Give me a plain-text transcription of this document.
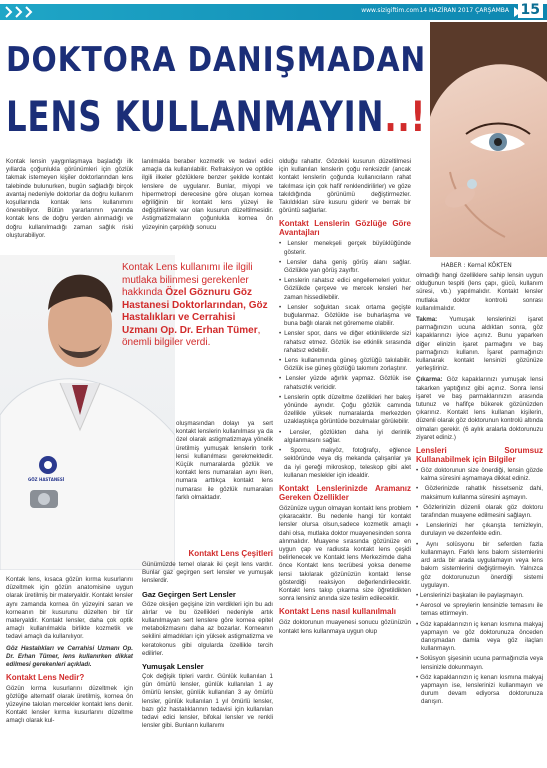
www.sizigiftim.com 14 HAZİRAN 2017 ÇARŞAMBA 15
DOKTORA DANIŞMADAN
LENS KULLANMAYIN..!
HABER : Kemal KÖKTEN

Kontak lensin yaygınlaşmaya başladığı ilk yıllarda çoğunlukla görünümleri için gözlük takmak istemeyen kişiler doktorlarından lens talebinde bulunurken, bugün sağladığı birçok avantaj nedeniyle doktorlar da doğru kullanım koşullarında kontak lens kullanımını önerebiliyor. Bütün yararlarının yanında kontak lens de doğru yerden alınmadığı ve doğru kullanılmadığı zaman sağlık riski oluşturabiliyor.

lanılmakla beraber kozmetik ve tedavi edici amaçla da kullanılabilir. Refraksiyon ve optikle ilgili ilkeler gözlüklere benzer şekilde kontakt lenslere de uygulanır. Bunlar, miyopi ve hipermetropi derecesine göre oluşan kornea eğriliğinin bir kontakt lens yüzeyi ile değiştirilerek var olan kusurun düzeltilmesidir. Astigmatizmaların çoğunlukla kornea ön yüzeyinin çarpıklığı sonucu

olduğu rahattır. Gözdeki kusurun düzeltilmesi için kullanılan lenslerin çoğu renksizdir (ancak kontakt lenslerin çoğunda kullanıcıların rahat takılması için çok hafif renklendirilirler) ve göze takıldığında görünümü değiştirmezler. Takıldıkları süre kusuru giderir ve berrak bir görüntü sağlarlar.

Kontakt Lenslerin Gözlüğe Göre Avantajları
• Lensler menekşeli gerçek büyüklüğünde gösterir.
• Lensler daha geniş görüş alanı sağlar. Gözlükte yan görüş zayıftır.
• Lenslerin rahatsız edici engellemeleri yoktur. Gözlükde çerçeve ve mercek lensleri her zaman hissedilebilir.
• Lensler soğuktan sıcak ortama geçişte buğulanmaz. Gözlükte ise buharlaşma ve buna bağlı olarak net görememe olabilir.
• Lensler spor, dans ve diğer etkinliklerde sizi rahatsız etmez. Gözlük ise etkinlik sırasında rahatsız edebilir.
• Lens kullanımında güneş gözlüğü takılabilir. Gözlük ise güneş gözlüğü takımını zorlaştırır.
• Lensler yüzde ağırlık yapmaz. Gözlük ise rahatsızlık vericidir.
• Lenslerin optik düzeltme özellikleri her bakış yönünde aynıdır. Çoğu gözlük camında özellikle yüksek numaralarda merkezden uzaklaştıkça görüntüde bozulmalar görülebilir.
• Lensler, gözlükten daha iyi derinlik algılanmasını sağlar.
• Sporcu, makyöz, fotoğrafçı, eğlence sektöründe veya diş mekanda çalışanlar ya da iyi gereği mikroskop, teleskop gibi alet kullanan meslekler için idealdir.
Kontakt Lenslerinizde Aramanız Gereken Özellikler

Gözünüze uygun olmayan kontakt lens problem çıkaracaktır. Bu nedenle hangi tür kontakt lensler olursa olsun,sadece kozmetik amaçlı dahi olsa, mutlaka doktor muayenesinden sonra alınmalıdır. Muayene sırasında gözünüze en uygun çap ve radiusta kontakt lens çeşidi belirlenecek ve Kontakt lens Merkezimde daha önce Kontakt lens tecrübesi yoksa deneme lensi takılarak gözünüzün kontakt lense gösterdiği reaksiyon değerlendirilecektir. Kontakt lens takıp çıkarma size öğretildikten sonra lensiniz anında size teslim edilecektir.

Kontakt Lens nasıl kullanılmalı

Göz doktorunun muayenesi sonucu gözünüzün kontakt lens kullanmaya uygun olup

GÖZ HASTANESİ
Kontak Lens kullanımı ile ilgili mutlaka bilinmesi gerekenler hakkında Özel Göznuru Göz Hastanesi Doktorlarından, Göz Hastalıkları ve Cerrahisi Uzmanı Op. Dr. Erhan Tümer, önemli bilgiler verdi.

oluşmasından dolayı ya sert kontakt lenslerin kullanılması ya da özel olarak astigmatizmaya yönelik üretilmiş yumuşak lenslerin torik lensi kullanılması gerekmektedir. Küçük numaralarda gözlük ve kontakt lens numaraları aynı iken, numara arttıkça kontakt lens numarası ile gözlük numaraları farklı olmaktadır.

Kontakt Lens Çeşitleri

Günümüzde temel olarak iki çeşit lens vardır. Bunlar gaz geçirgen sert lensler ve yumuşak lenslerdir.

Gaz Geçirgen Sert Lensler

Göze oksijen geçişine izin verdikleri için bu adı alırlar ve bu özellikleri nedeniyle artık kullanılmayan sert lenslere göre kornea epitel metabolizmasını daha az bozarlar. Korneanın sekilini almadıkları için yüksek astigmatizma ve keratokonus gibi olgularda özellikle tercih edilirler.

Yumuşak Lensler

Çok değişik tipleri vardır. Günlük kullanılan 1 gün ömürlü lensler, günlük kullanılan 1 ay ömürlü lensler, günlük kullanılan 3 ay ömürlü lensler, günlük kullanılan 1 yıl ömürlü lensler, bazı göz hastalıklarının tedavisi için kullanılan tedavi edici lensler, bifokal lensler ve renkli lensler gibi. Bunların kullanımı

Kontak lens, kısaca gözün kırma kusurlarını düzeltmek için gözün anatomisine uygun olarak üretilmiş bir materyaldir. Kontakt lensler aynı zamanda kornea ön yüzeyini saran ve korneanın bir kusurunu düzelten bir tür materyaldir. Kontakt lensler, daha çok optik amaçlı kullanılmakla birlikte kozmetik ve tedavi amaçlı da kullanılıyor.

Göz Hastalıkları ve Cerrahisi Uzmanı Op. Dr. Erhan Tümer, lens kullanırken dikkat edilmesi gerekenleri açıkladı.

Kontakt Lens Nedir?

Gözün kırma kusurlarını düzeltmek için gözlüğe alternatif olarak üretilmiş, kornea ön yüzeyine takılan mercekler kontakt lens denir. Kontakt lensler kırma kusurlarını düzeltme amaçlı olarak kul-

olmadığı hangi özelliklere sahip lensin uygun olduğunun tespiti (lens çapı, gücü, kullanım süresi, vb.) yapılmalıdır. Kontakt lensler mutlaka doktor kontrolü sonrası kullanılmalıdır.

Takma: Yumuşak lenslerinizi işaret parmağınızın ucuna aldıktan sonra, göz kapaklarınızı iyice açınız. Bunu yaparken diğer elinizin işaret parmağını ve baş parmağınızı kullanın. İşaret parmağınızı kullanarak kontakt lensinizi gözünüze yerleştiriniz.

Çıkarma: Göz kapaklarınızı yumuşak lensi takarken yaptığınız gibi açınız. Sonra lensi işaret ve baş parmaklarınızın arasında tutunuz ve hafifçe bükerek gözünüzden çıkarınız. Kontakt lens kullanan kişilerin, düzenli olarak göz doktorunun kontrolü altında olmaları gerekir. (6 aylık aralarla doktorunuzu ziyaret ediniz.)

Lensleri Sorumsuz Kullanabilmek için Bilgiler
• Göz doktorunun size önerdiği, lensin gözde kalma süresini aşmamaya dikkat ediniz.
• Gözlerinizde rahatlık hissetseniz dahi, maksimum kullanma süresini aşmayın.
• Gözlerinizin düzenli olarak göz doktoru tarafından muayene edilmesini sağlayın.
• Lenslerinizi her çıkarışta temizleyin, durulayın ve dezenfekte edin.
• Aynı solüsyonu bir seferden fazla kullanmayın. Farklı lens bakım sistemlerini ard arda bir arada uygulamayın veya lens bakım sistemlerini değiştirmeyin. Yalnızca göz doktorunuzun önerdiği sistemi uygulayın.
• Lenslerinizi başkaları ile paylaşmayın.
• Aerosol ve spreylerin lensinizle temasını ile temas ettirmeyin.
• Göz kapaklarınızın iç kenarı kısmına makyaj yapmayın ve göz doktorunuza önceden danışmadan damla veya göz ilaçları kullanmayın.
• Solüsyon şişesinin ucuna parmağınızla veya lensinizle dokunmayın.
• Göz kapaklarınızın iç kenarı kısmına makyaj yapmayın ise, lenslerinizi kullanmayın ve durum devam ediyorsa doktorunuza danışın.
